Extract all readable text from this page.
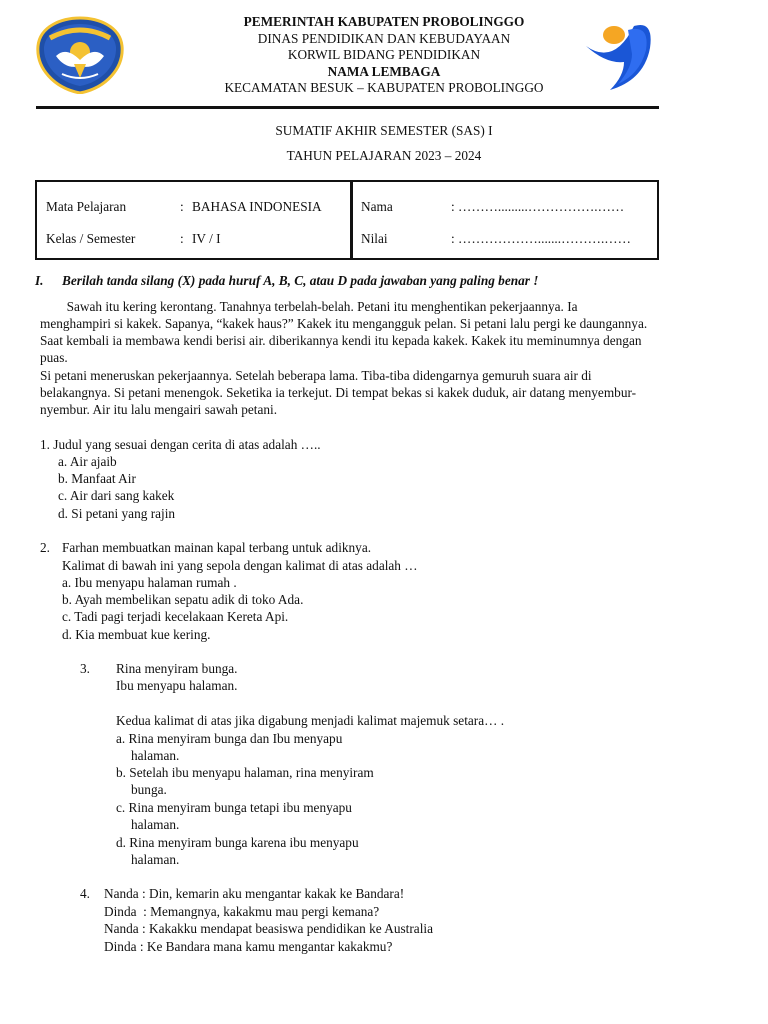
PEMERINTAH KABUPATEN PROBOLINGGO
DINAS PENDIDIKAN DAN KEBUDAYAAN
KORWIL BIDANG PENDIDIKAN
NAMA LEMBAGA
KECAMATAN BESUK – KABUPATEN PROBOLINGGO
SUMATIF AKHIR SEMESTER (SAS) I
TAHUN PELAJARAN 2023 – 2024
Mata Pelajaran	: BAHASA INDONESIA
Kelas / Semester	: IV / I
Nama	: ……….........…………….……
Nilai	: ……………….......……….……
I. Berilah tanda silang (X) pada huruf A, B, C, atau D pada jawaban yang paling benar !
Sawah itu kering kerontang. Tanahnya terbelah-belah. Petani itu menghentikan pekerjaannya. Ia
menghampiri si kakek. Sapanya, “kakek haus?” Kakek itu mengangguk pelan. Si petani lalu pergi ke daungannya.
Saat kembali ia membawa kendi berisi air. diberikannya kendi itu kepada kakek. Kakek itu meminumnya dengan
puas.
Si petani meneruskan pekerjaannya. Setelah beberapa lama. Tiba-tiba didengarnya gemuruh suara air di
belakangnya. Si petani menengok. Seketika ia terkejut. Di tempat bekas si kakek duduk, air datang menyembur-
nyembur. Air itu lalu mengairi sawah petani.
1. Judul yang sesuai dengan cerita di atas adalah …..
a. Air ajaib
b. Manfaat Air
c. Air dari sang kakek
d. Si petani yang rajin
2. Farhan membuatkan mainan kapal terbang untuk adiknya.
Kalimat di bawah ini yang sepola dengan kalimat di atas adalah …
a. Ibu menyapu halaman rumah .
b. Ayah membelikan sepatu adik di toko Ada.
c. Tadi pagi terjadi kecelakaan Kereta Api.
d. Kia membuat kue kering.
3. Rina menyiram bunga.
Ibu menyapu halaman.
Kedua kalimat di atas jika digabung menjadi kalimat majemuk setara… .
a. Rina menyiram bunga dan Ibu menyapu
halaman.
b. Setelah ibu menyapu halaman, rina menyiram
bunga.
c. Rina menyiram bunga tetapi ibu menyapu
halaman.
d. Rina menyiram bunga karena ibu menyapu
halaman.
4. Nanda : Din, kemarin aku mengantar kakak ke Bandara!
Dinda  : Memangnya, kakakmu mau pergi kemana?
Nanda : Kakakku mendapat beasiswa pendidikan ke Australia
Dinda : Ke Bandara mana kamu mengantar kakakmu?
